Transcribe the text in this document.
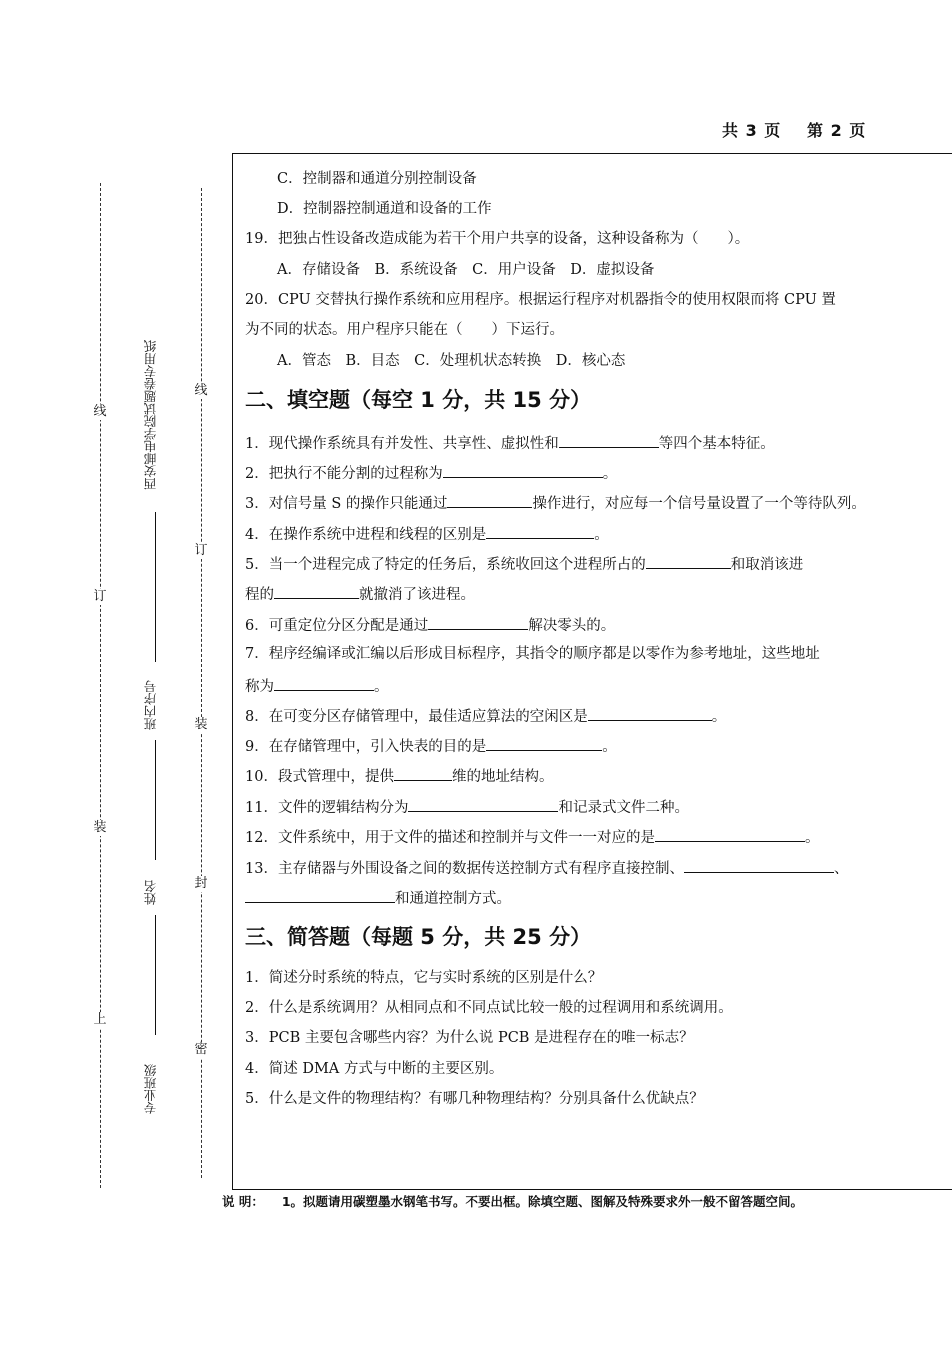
共 3 页 第 2 页
C．控制器和通道分别控制设备
D．控制器控制通道和设备的工作
19．把独占性设备改造成能为若干个用户共享的设备，这种设备称为（　　）。
A．存储设备　B．系统设备　C．用户设备　D．虚拟设备
20．CPU 交替执行操作系统和应用程序。根据运行程序对机器指令的使用权限而将 CPU 置
为不同的状态。用户程序只能在（　　）下运行。
A．管态　B．目态　C．处理机状态转换　D．核心态
二、填空题（每空 1 分，共 15 分）
1．现代操作系统具有并发性、共享性、虚拟性和	等四个基本特征。
2．把执行不能分割的过程称为	。
3．对信号量 S 的操作只能通过	操作进行，对应每一个信号量设置了一个等待队列。
4．在操作系统中进程和线程的区别是	。
5．当一个进程完成了特定的任务后，系统收回这个进程所占的	和取消该进
程的	就撤消了该进程。
6．可重定位分区分配是通过	解决零头的。
7．程序经编译或汇编以后形成目标程序，其指令的顺序都是以零作为参考地址，这些地址
称为	。
8．在可变分区存储管理中，最佳适应算法的空闲区是	。
9．在存储管理中，引入快表的目的是	。
10．段式管理中，提供	维的地址结构。
11．文件的逻辑结构分为	和记录式文件二种。
12．文件系统中，用于文件的描述和控制并与文件一一对应的是	。
13．主存储器与外围设备之间的数据传送控制方式有程序直接控制、	、
和通道控制方式。
三、简答题（每题 5 分，共 25 分）
1．简述分时系统的特点，它与实时系统的区别是什么？
2．什么是系统调用？从相同点和不同点试比较一般的过程调用和系统调用。
3．PCB 主要包含哪些内容？为什么说 PCB 是进程存在的唯一标志？
4．简述 DMA 方式与中断的主要区别。
5．什么是文件的物理结构？有哪几种物理结构？分别具备什么优缺点？
说 明： 1。拟题请用碳塑墨水钢笔书写。不要出框。除填空题、图解及特殊要求外一般不留答题空间。
线
订
装
上
线
订
装
封
密
西安邮电学院试题卷专用纸
班内序号
姓名
专业班级
